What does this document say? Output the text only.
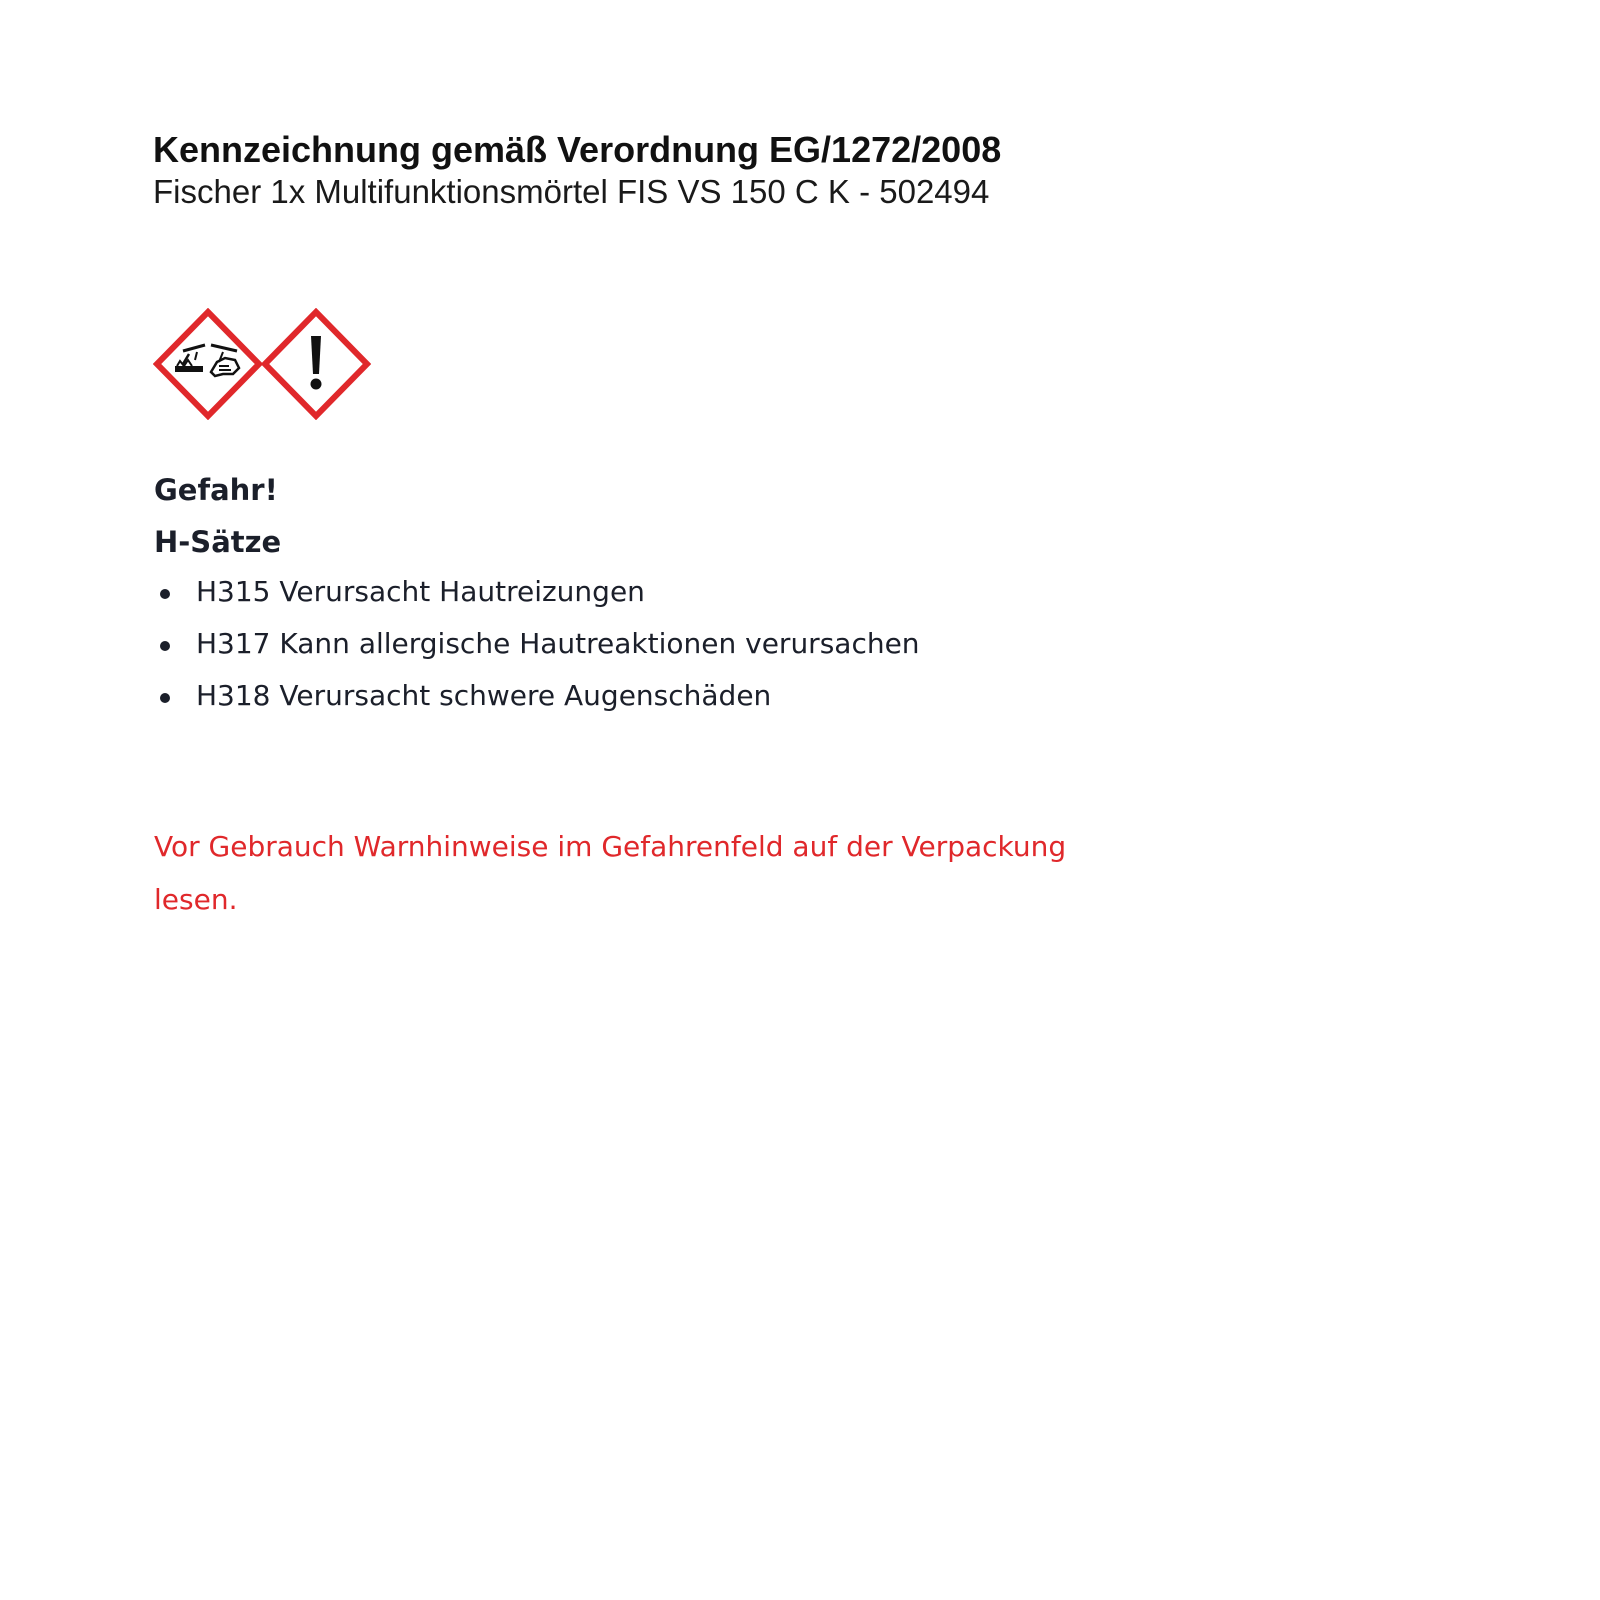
Kennzeichnung gemäß Verordnung EG/1272/2008
Fischer 1x Multifunktionsmörtel FIS VS 150 C K - 502494
Gefahr!
H-Sätze
H315 Verursacht Hautreizungen
H317 Kann allergische Hautreaktionen verursachen
H318 Verursacht schwere Augenschäden
Vor Gebrauch Warnhinweise im Gefahrenfeld auf der Verpackung lesen.
